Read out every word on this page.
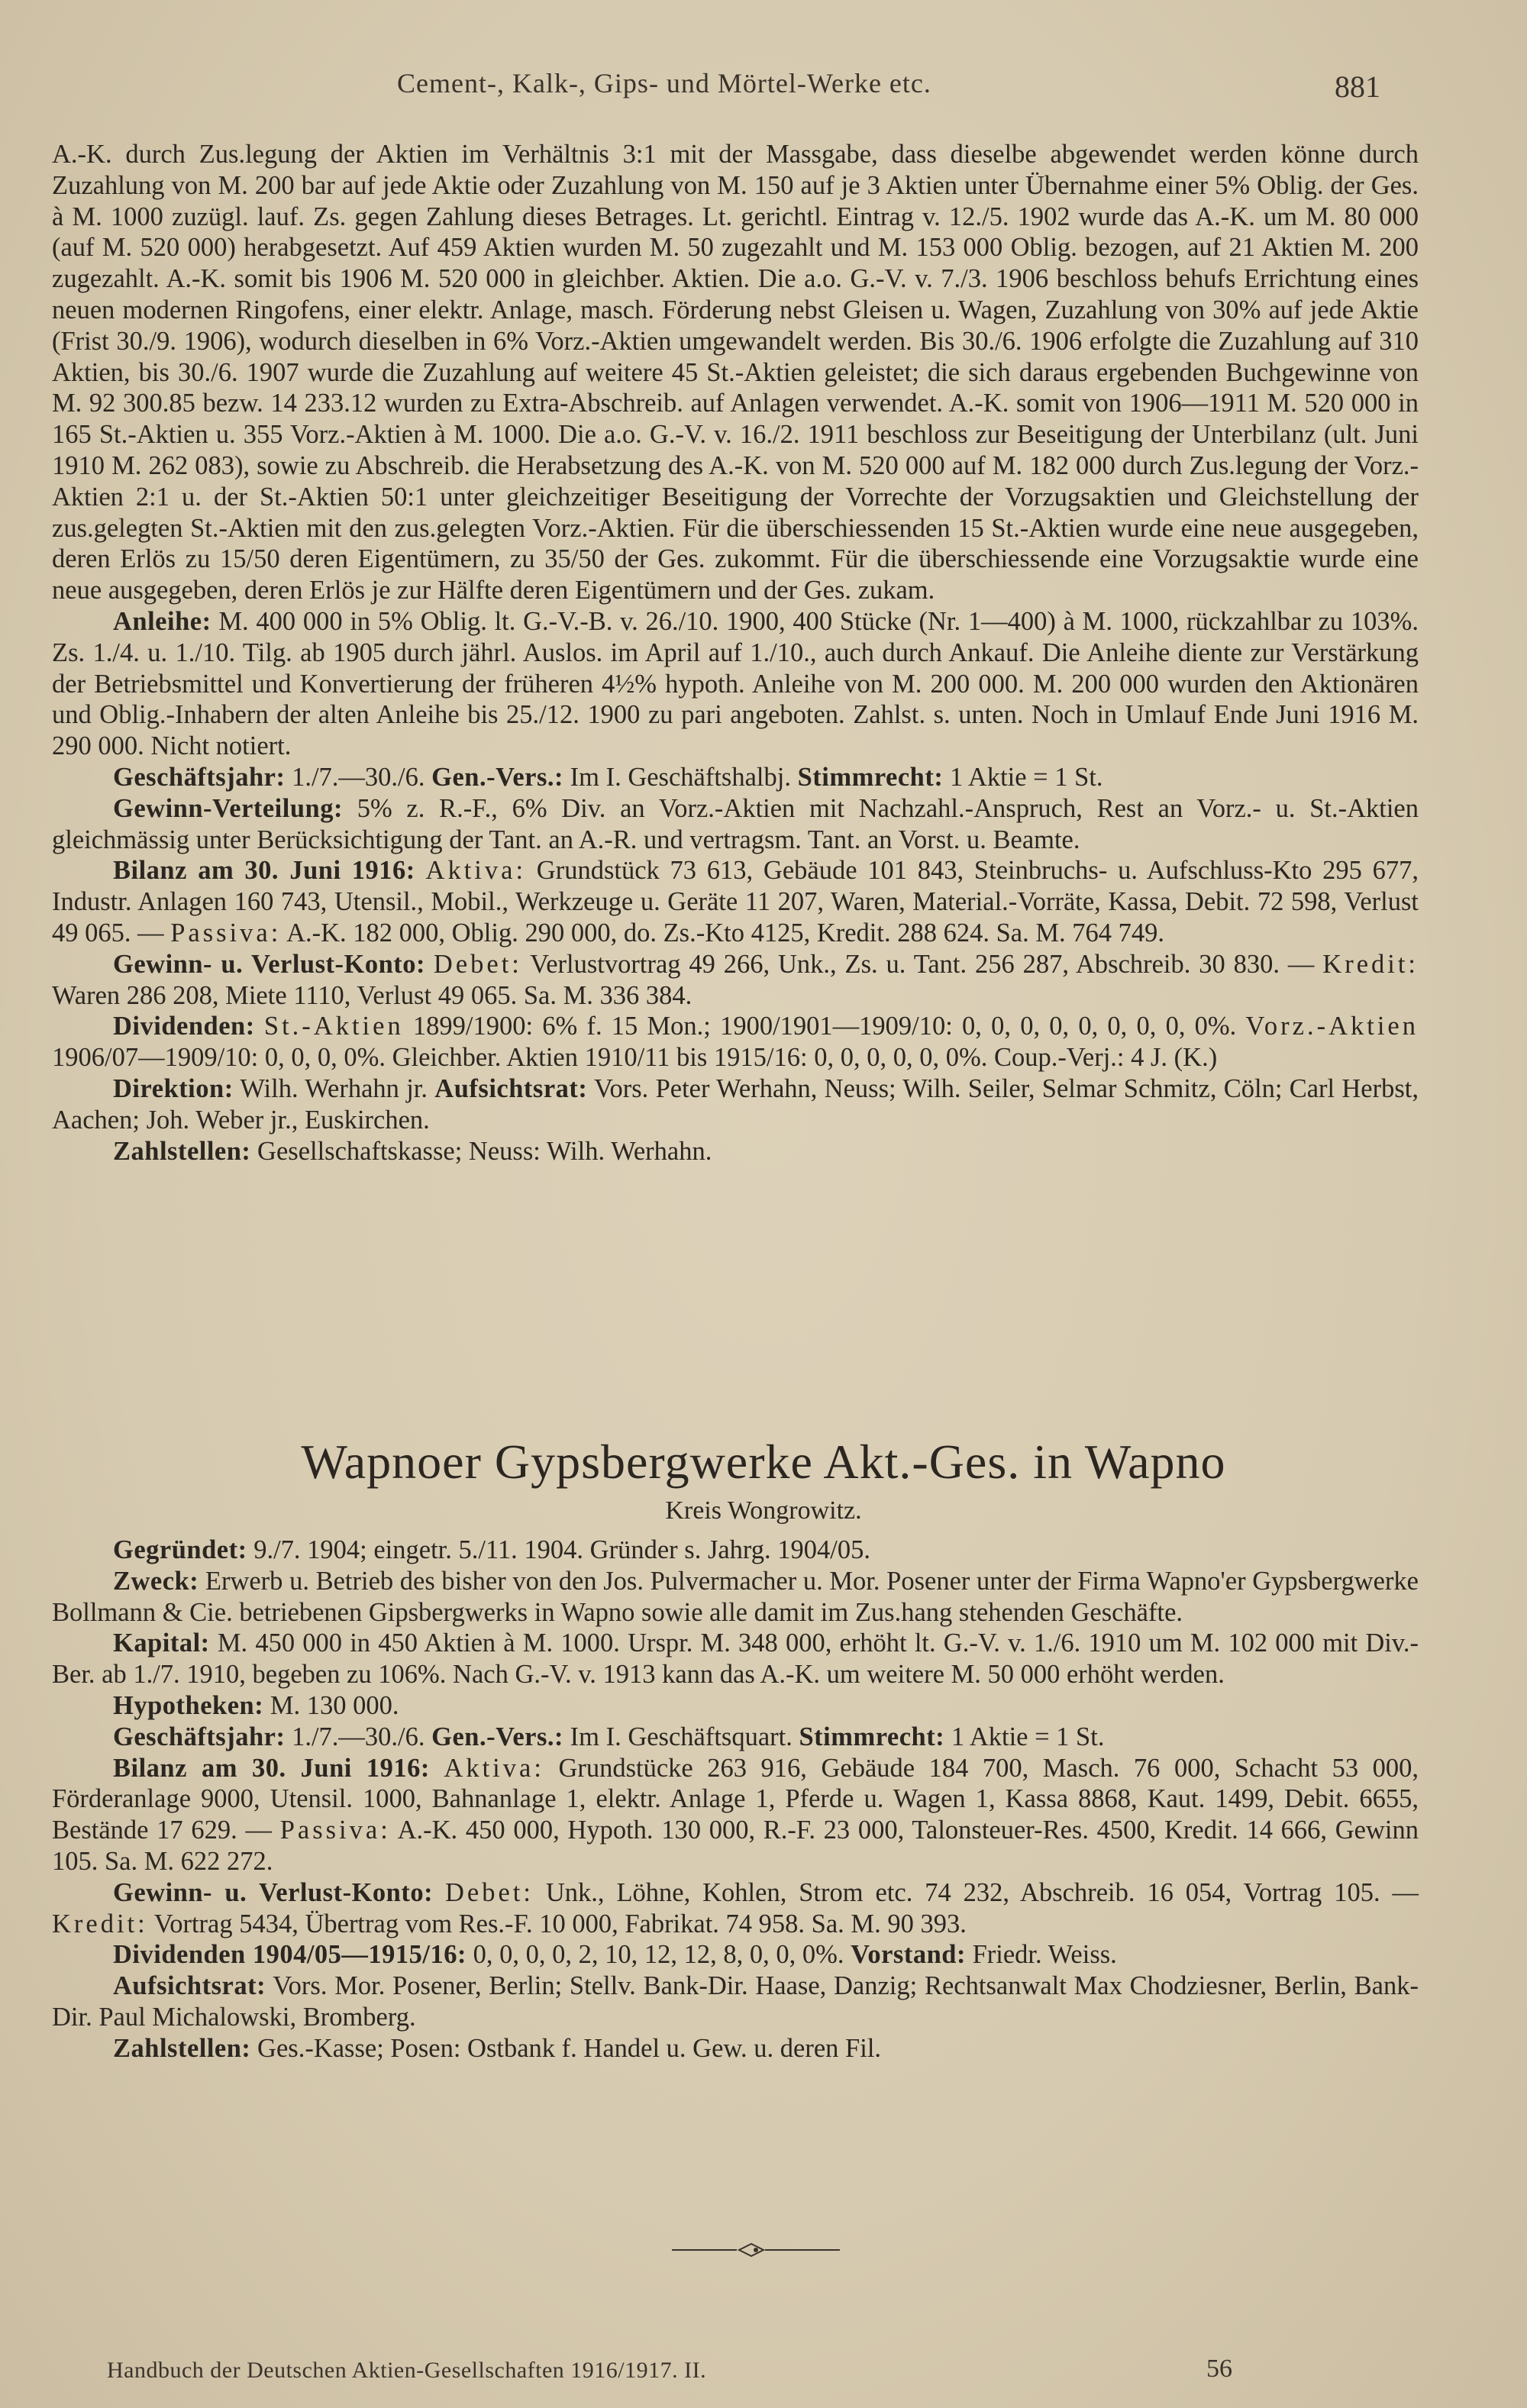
Cement-, Kalk-, Gips- und Mörtel-Werke etc.	881

A.-K. durch Zus.legung der Aktien im Verhältnis 3:1 mit der Massgabe, dass dieselbe abgewendet werden könne durch Zuzahlung von M. 200 bar auf jede Aktie oder Zuzahlung von M. 150 auf je 3 Aktien unter Übernahme einer 5% Oblig. der Ges. à M. 1000 zuzügl. lauf. Zs. gegen Zahlung dieses Betrages. Lt. gerichtl. Eintrag v. 12./5. 1902 wurde das A.-K. um M. 80 000 (auf M. 520 000) herabgesetzt. Auf 459 Aktien wurden M. 50 zugezahlt und M. 153 000 Oblig. bezogen, auf 21 Aktien M. 200 zugezahlt. A.-K. somit bis 1906 M. 520 000 in gleichber. Aktien. Die a.o. G.-V. v. 7./3. 1906 beschloss behufs Errichtung eines neuen modernen Ringofens, einer elektr. Anlage, masch. Förderung nebst Gleisen u. Wagen, Zuzahlung von 30% auf jede Aktie (Frist 30./9. 1906), wodurch dieselben in 6% Vorz.-Aktien umgewandelt werden. Bis 30./6. 1906 erfolgte die Zuzahlung auf 310 Aktien, bis 30./6. 1907 wurde die Zuzahlung auf weitere 45 St.-Aktien geleistet; die sich daraus ergebenden Buchgewinne von M. 92 300.85 bezw. 14 233.12 wurden zu Extra-Abschreib. auf Anlagen verwendet. A.-K. somit von 1906—1911 M. 520 000 in 165 St.-Aktien u. 355 Vorz.-Aktien à M. 1000. Die a.o. G.-V. v. 16./2. 1911 beschloss zur Beseitigung der Unterbilanz (ult. Juni 1910 M. 262 083), sowie zu Abschreib. die Herabsetzung des A.-K. von M. 520 000 auf M. 182 000 durch Zus.legung der Vorz.-Aktien 2:1 u. der St.-Aktien 50:1 unter gleichzeitiger Beseitigung der Vorrechte der Vorzugsaktien und Gleichstellung der zus.gelegten St.-Aktien mit den zus.gelegten Vorz.-Aktien. Für die überschiessenden 15 St.-Aktien wurde eine neue ausgegeben, deren Erlös zu 15/50 deren Eigentümern, zu 35/50 der Ges. zukommt. Für die überschiessende eine Vorzugsaktie wurde eine neue ausgegeben, deren Erlös je zur Hälfte deren Eigentümern und der Ges. zukam.

Anleihe: M. 400 000 in 5% Oblig. lt. G.-V.-B. v. 26./10. 1900, 400 Stücke (Nr. 1—400) à M. 1000, rückzahlbar zu 103%. Zs. 1./4. u. 1./10. Tilg. ab 1905 durch jährl. Auslos. im April auf 1./10., auch durch Ankauf. Die Anleihe diente zur Verstärkung der Betriebsmittel und Konvertierung der früheren 4½% hypoth. Anleihe von M. 200 000. M. 200 000 wurden den Aktionären und Oblig.-Inhabern der alten Anleihe bis 25./12. 1900 zu pari angeboten. Zahlst. s. unten. Noch in Umlauf Ende Juni 1916 M. 290 000. Nicht notiert.

Geschäftsjahr: 1./7.—30./6. Gen.-Vers.: Im I. Geschäftshalbj. Stimmrecht: 1 Aktie = 1 St.

Gewinn-Verteilung: 5% z. R.-F., 6% Div. an Vorz.-Aktien mit Nachzahl.-Anspruch, Rest an Vorz.- u. St.-Aktien gleichmässig unter Berücksichtigung der Tant. an A.-R. und vertragsm. Tant. an Vorst. u. Beamte.

Bilanz am 30. Juni 1916: Aktiva: Grundstück 73 613, Gebäude 101 843, Steinbruchs- u. Aufschluss-Kto 295 677, Industr. Anlagen 160 743, Utensil., Mobil., Werkzeuge u. Geräte 11 207, Waren, Material.-Vorräte, Kassa, Debit. 72 598, Verlust 49 065. — Passiva: A.-K. 182 000, Oblig. 290 000, do. Zs.-Kto 4125, Kredit. 288 624. Sa. M. 764 749.

Gewinn- u. Verlust-Konto: Debet: Verlustvortrag 49 266, Unk., Zs. u. Tant. 256 287, Abschreib. 30 830. — Kredit: Waren 286 208, Miete 1110, Verlust 49 065. Sa. M. 336 384.

Dividenden: St.-Aktien 1899/1900: 6% f. 15 Mon.; 1900/1901—1909/10: 0, 0, 0, 0, 0, 0, 0, 0, 0%. Vorz.-Aktien 1906/07—1909/10: 0, 0, 0, 0%. Gleichber. Aktien 1910/11 bis 1915/16: 0, 0, 0, 0, 0, 0%. Coup.-Verj.: 4 J. (K.)

Direktion: Wilh. Werhahn jr. Aufsichtsrat: Vors. Peter Werhahn, Neuss; Wilh. Seiler, Selmar Schmitz, Cöln; Carl Herbst, Aachen; Joh. Weber jr., Euskirchen.

Zahlstellen: Gesellschaftskasse; Neuss: Wilh. Werhahn.

Wapnoer Gypsbergwerke Akt.-Ges. in Wapno
Kreis Wongrowitz.

Gegründet: 9./7. 1904; eingetr. 5./11. 1904. Gründer s. Jahrg. 1904/05.

Zweck: Erwerb u. Betrieb des bisher von den Jos. Pulvermacher u. Mor. Posener unter der Firma Wapno'er Gypsbergwerke Bollmann & Cie. betriebenen Gipsbergwerks in Wapno sowie alle damit im Zus.hang stehenden Geschäfte.

Kapital: M. 450 000 in 450 Aktien à M. 1000. Urspr. M. 348 000, erhöht lt. G.-V. v. 1./6. 1910 um M. 102 000 mit Div.-Ber. ab 1./7. 1910, begeben zu 106%. Nach G.-V. v. 1913 kann das A.-K. um weitere M. 50 000 erhöht werden.

Hypotheken: M. 130 000.

Geschäftsjahr: 1./7.—30./6. Gen.-Vers.: Im I. Geschäftsquart. Stimmrecht: 1 Aktie = 1 St.

Bilanz am 30. Juni 1916: Aktiva: Grundstücke 263 916, Gebäude 184 700, Masch. 76 000, Schacht 53 000, Förderanlage 9000, Utensil. 1000, Bahnanlage 1, elektr. Anlage 1, Pferde u. Wagen 1, Kassa 8868, Kaut. 1499, Debit. 6655, Bestände 17 629. — Passiva: A.-K. 450 000, Hypoth. 130 000, R.-F. 23 000, Talonsteuer-Res. 4500, Kredit. 14 666, Gewinn 105. Sa. M. 622 272.

Gewinn- u. Verlust-Konto: Debet: Unk., Löhne, Kohlen, Strom etc. 74 232, Abschreib. 16 054, Vortrag 105. — Kredit: Vortrag 5434, Übertrag vom Res.-F. 10 000, Fabrikat. 74 958. Sa. M. 90 393.

Dividenden 1904/05—1915/16: 0, 0, 0, 0, 2, 10, 12, 12, 8, 0, 0, 0%. Vorstand: Friedr. Weiss.

Aufsichtsrat: Vors. Mor. Posener, Berlin; Stellv. Bank-Dir. Haase, Danzig; Rechtsanwalt Max Chodziesner, Berlin, Bank-Dir. Paul Michalowski, Bromberg.

Zahlstellen: Ges.-Kasse; Posen: Ostbank f. Handel u. Gew. u. deren Fil.

Handbuch der Deutschen Aktien-Gesellschaften 1916/1917. II.	56
